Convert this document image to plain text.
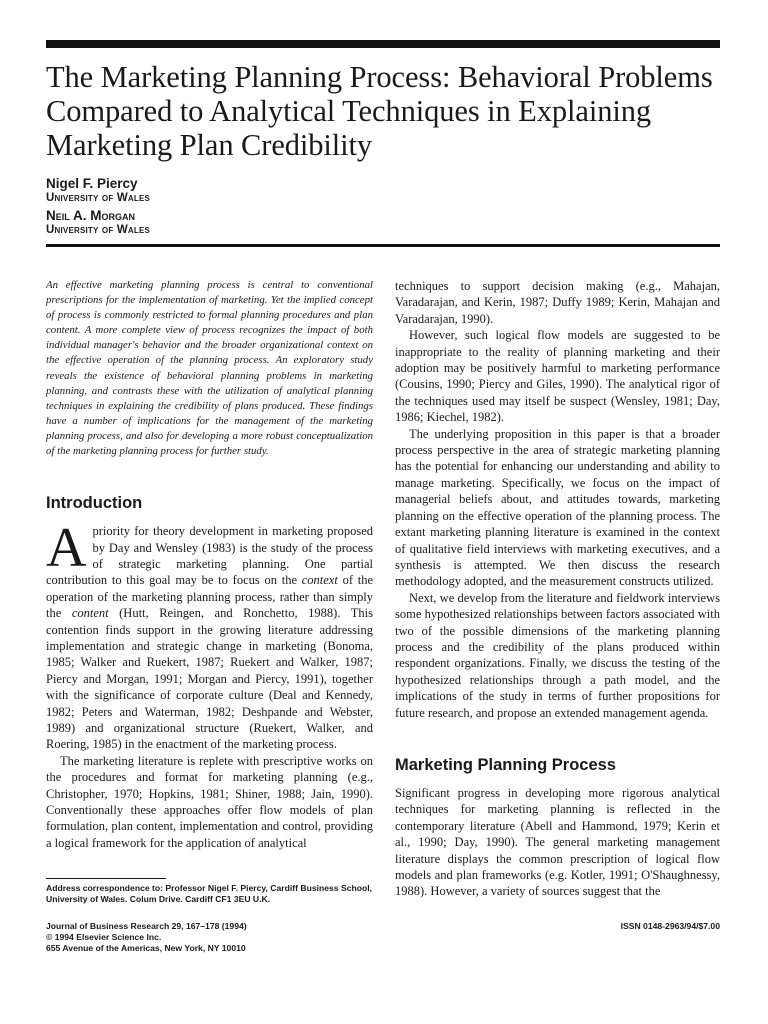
The Marketing Planning Process: Behavioral Problems Compared to Analytical Techniques in Explaining Marketing Plan Credibility
Nigel F. Piercy
University of Wales
Neil A. Morgan
University of Wales

An effective marketing planning process is central to conventional prescriptions for the implementation of marketing. Yet the implied concept of process is commonly restricted to formal planning procedures and plan content. A more complete view of process recognizes the impact of both individual manager's behavior and the broader organizational context on the effective operation of the planning process. An exploratory study reveals the existence of behavioral planning problems in marketing planning, and contrasts these with the utilization of analytical planning techniques in explaining the credibility of plans produced. These findings have a number of implications for the management of the marketing planning process, and also for developing a more robust conceptualization of the marketing planning process for further study.

Introduction
A priority for theory development in marketing proposed by Day and Wensley (1983) is the study of the process of strategic marketing planning. One partial contribution to this goal may be to focus on the context of the operation of the marketing planning process, rather than simply the content (Hutt, Reingen, and Ronchetto, 1988). This contention finds support in the growing literature addressing implementation and strategic change in marketing (Bonoma, 1985; Walker and Ruekert, 1987; Ruekert and Walker, 1987; Piercy and Morgan, 1991; Morgan and Piercy, 1991), together with the significance of corporate culture (Deal and Kennedy, 1982; Peters and Waterman, 1982; Deshpande and Webster, 1989) and organizational structure (Ruekert, Walker, and Roering, 1985) in the enactment of the marketing process.

The marketing literature is replete with prescriptive works on the procedures and format for marketing planning (e.g., Christopher, 1970; Hopkins, 1981; Shiner, 1988; Jain, 1990). Conventionally these approaches offer flow models of plan formulation, plan content, implementation and control, providing a logical framework for the application of analytical

techniques to support decision making (e.g., Mahajan, Varadarajan, and Kerin, 1987; Duffy 1989; Kerin, Mahajan and Varadarajan, 1990).

However, such logical flow models are suggested to be inappropriate to the reality of planning marketing and their adoption may be positively harmful to marketing performance (Cousins, 1990; Piercy and Giles, 1990). The analytical rigor of the techniques used may itself be suspect (Wensley, 1981; Day, 1986; Kiechel, 1982).

The underlying proposition in this paper is that a broader process perspective in the area of strategic marketing planning has the potential for enhancing our understanding and ability to manage marketing. Specifically, we focus on the impact of managerial beliefs about, and attitudes towards, marketing planning on the effective operation of the planning process. The extant marketing planning literature is examined in the context of qualitative field interviews with marketing executives, and a synthesis is attempted. We then discuss the research methodology adopted, and the measurement constructs utilized.

Next, we develop from the literature and fieldwork interviews some hypothesized relationships between factors associated with two of the possible dimensions of the marketing planning process and the credibility of the plans produced within respondent organizations. Finally, we discuss the testing of the hypothesized relationships through a path model, and the implications of the study in terms of further propositions for future research, and propose an extended management agenda.

Marketing Planning Process

Significant progress in developing more rigorous analytical techniques for marketing planning is reflected in the contemporary literature (Abell and Hammond, 1979; Kerin et al., 1990; Day, 1990). The general marketing management literature displays the common prescription of logical flow models and plan frameworks (e.g. Kotler, 1991; O'Shaughnessy, 1988). However, a variety of sources suggest that the

Address correspondence to: Professor Nigel F. Piercy, Cardiff Business School, University of Wales. Colum Drive. Cardiff CF1 3EU U.K.
Journal of Business Research 29, 167–178 (1994)
© 1994 Elsevier Science Inc.
655 Avenue of the Americas, New York, NY 10010
ISSN 0148-2963/94/$7.00
